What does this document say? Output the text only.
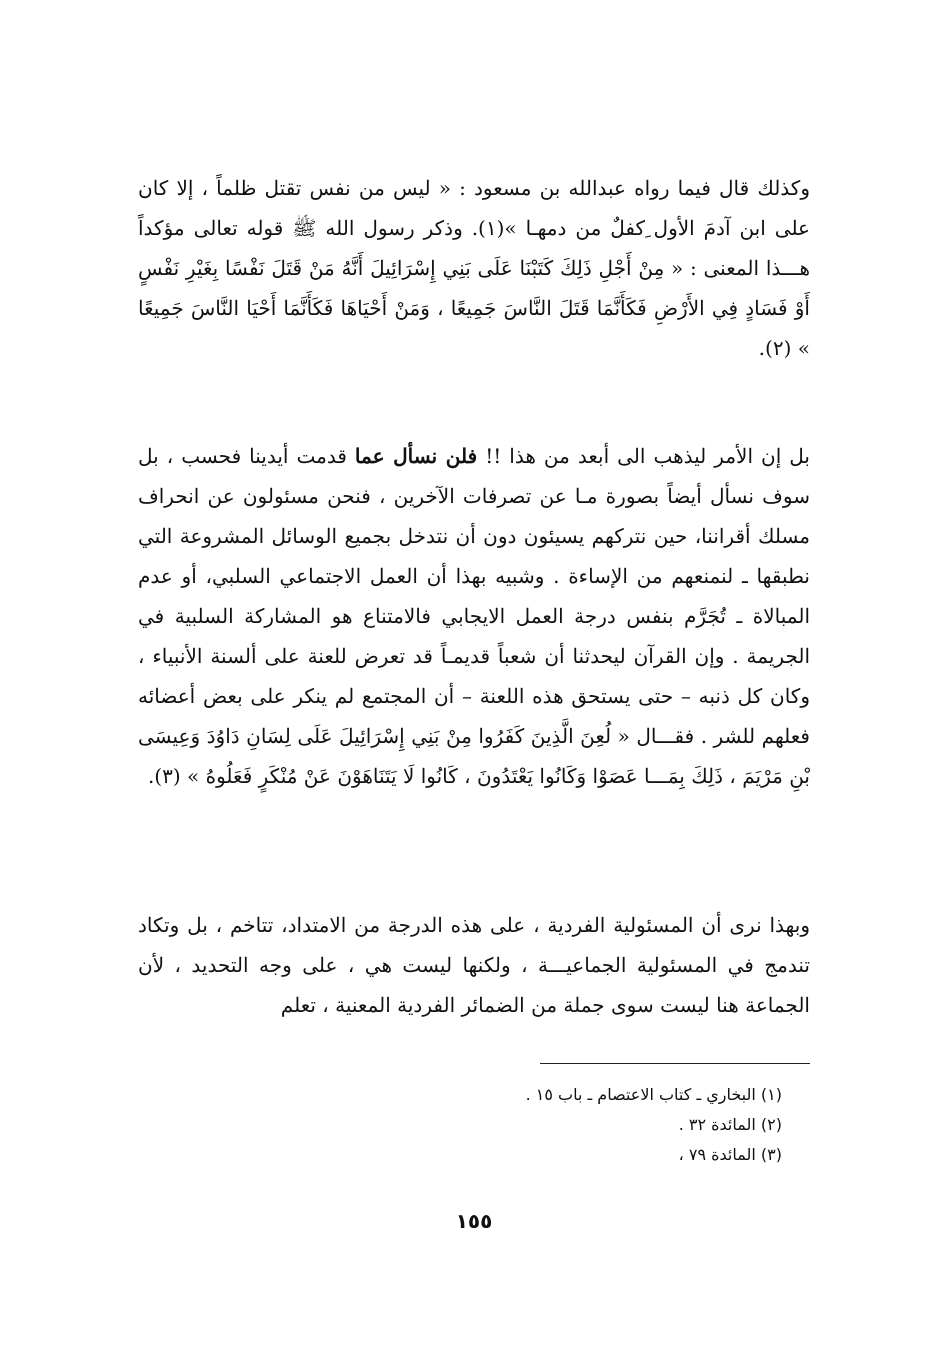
وكذلك قال فيما رواه عبدالله بن مسعود : « ليس من نفس تقتل ظلماً ، إلا كان على ابن آدمَ الأول ِكفلٌ من دمهـا »(١). وذكر رسول الله ﷺ قوله تعالى مؤكداً هـــذا المعنى : « مِنْ أَجْلِ ذَلِكَ كَتَبْنَا عَلَى بَنِي إِسْرَائِيلَ أَنَّهُ مَنْ قَتَلَ نَفْسًا بِغَيْرِ نَفْسٍ أَوْ فَسَادٍ فِي الأَرْضِ فَكَأَنَّمَا قَتَلَ النَّاسَ جَمِيعًا ، وَمَنْ أَحْيَاهَا فَكَأَنَّمَا أَحْيَا النَّاسَ جَمِيعًا » (٢).

بل إن الأمر ليذهب الى أبعد من هذا !! فلن نسأل عما قدمت أيدينا فحسب ، بل سوف نسأل أيضاً بصورة مـا عن تصرفات الآخرين ، فنحن مسئولون عن انحراف مسلك أقراننا، حين نتركهم يسيئون دون أن نتدخل بجميع الوسائل المشروعة التي نطبقها ـ لنمنعهم من الإساءة . وشبيه بهذا أن العمل الاجتماعي السلبي، أو عدم المبالاة ـ تُجَرَّم بنفس درجة العمل الايجابي فالامتناع هو المشاركة السلبية في الجريمة . وإن القرآن ليحدثنا أن شعباً قديمـاً قد تعرض للعنة على ألسنة الأنبياء ، وكان كل ذنبه – حتى يستحق هذه اللعنة – أن المجتمع لم ينكر على بعض أعضائه فعلهم للشر . فقـــال « لُعِنَ الَّذِينَ كَفَرُوا مِنْ بَنِي إِسْرَائِيلَ عَلَى لِسَانِ دَاوُدَ وَعِيسَى بْنِ مَرْيَمَ ، ذَلِكَ بِمَـــا عَصَوْا وَكَانُوا يَعْتَدُونَ ، كَانُوا لَا يَتَنَاهَوْنَ عَنْ مُنْكَرٍ فَعَلُوهُ » (٣).

وبهذا نرى أن المسئولية الفردية ، على هذه الدرجة من الامتداد، تتاخم ، بل وتكاد تندمج في المسئولية الجماعيـــة ، ولكنها ليست هي ، على وجه التحديد ، لأن الجماعة هنا ليست سوى جملة من الضمائر الفردية المعنية ، تعلم

(١) البخاري ـ كتاب الاعتصام ـ باب ١٥ .

(٢) المائدة ٣٢ .

(٣) المائدة ٧٩ ،

١٥٥
